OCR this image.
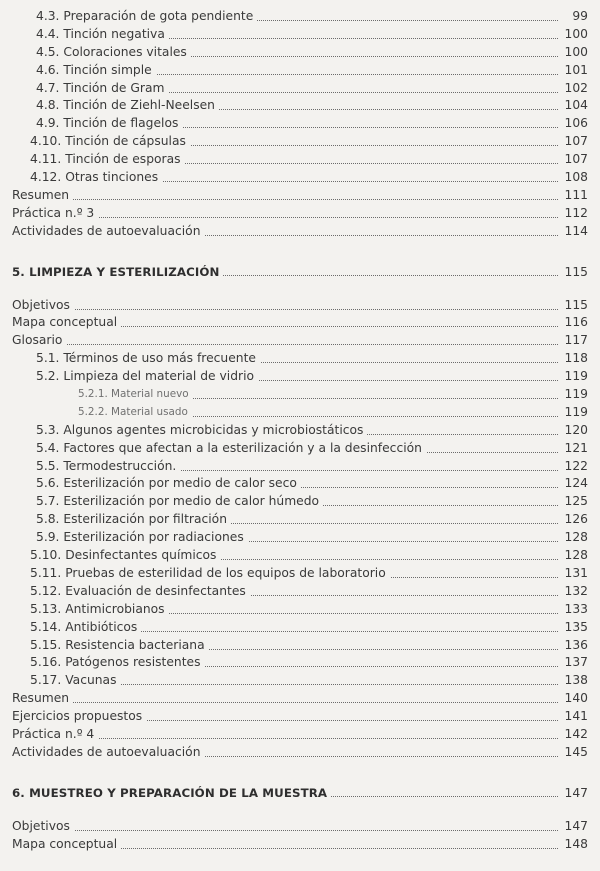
4.3. Preparación de gota pendiente	99
4.4. Tinción negativa	100
4.5. Coloraciones vitales	100
4.6. Tinción simple	101
4.7. Tinción de Gram	102
4.8. Tinción de Ziehl-Neelsen	104
4.9. Tinción de flagelos	106
4.10. Tinción de cápsulas	107
4.11. Tinción de esporas	107
4.12. Otras tinciones	108
Resumen	111
Práctica n.º 3	112
Actividades de autoevaluación	114
5. LIMPIEZA Y ESTERILIZACIÓN	115
Objetivos	115
Mapa conceptual	116
Glosario	117
5.1. Términos de uso más frecuente	118
5.2. Limpieza del material de vidrio	119
5.2.1. Material nuevo	119
5.2.2. Material usado	119
5.3. Algunos agentes microbicidas y microbiostáticos	120
5.4. Factores que afectan a la esterilización y a la desinfección	121
5.5. Termodestrucción.	122
5.6. Esterilización por medio de calor seco	124
5.7. Esterilización por medio de calor húmedo	125
5.8. Esterilización por filtración	126
5.9. Esterilización por radiaciones	128
5.10. Desinfectantes químicos	128
5.11. Pruebas de esterilidad de los equipos de laboratorio	131
5.12. Evaluación de desinfectantes	132
5.13. Antimicrobianos	133
5.14. Antibióticos	135
5.15. Resistencia bacteriana	136
5.16. Patógenos resistentes	137
5.17. Vacunas	138
Resumen	140
Ejercicios propuestos	141
Práctica n.º 4	142
Actividades de autoevaluación	145
6. MUESTREO Y PREPARACIÓN DE LA MUESTRA	147
Objetivos	147
Mapa conceptual	148
